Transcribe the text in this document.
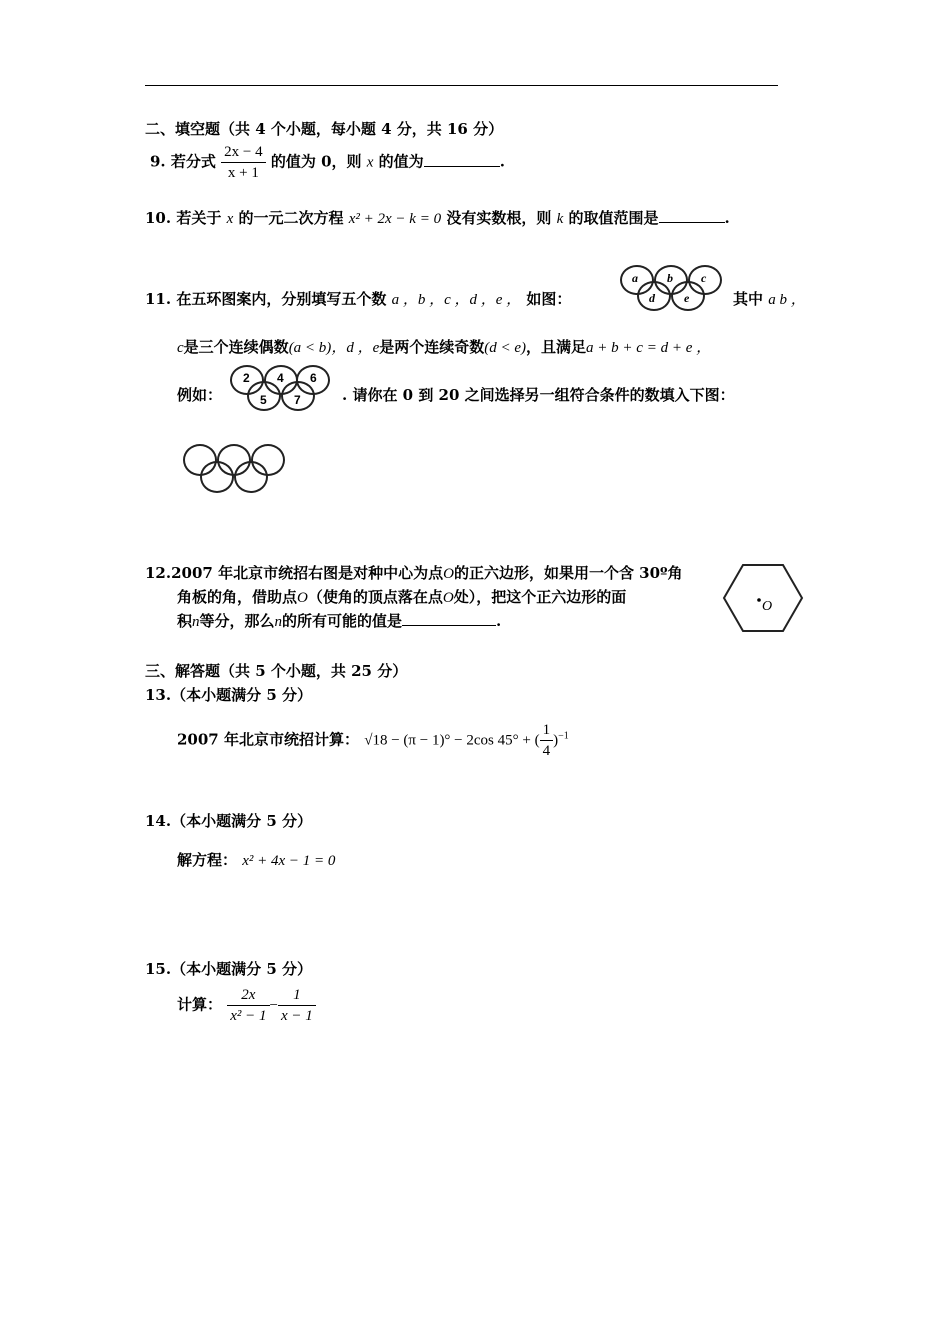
二、填空题（共 4 个小题，每小题 4 分，共 16 分）
9. 若分式 $\frac{2x - 4}{x + 1}$ 的值为 0，则 x 的值为	.
10. 若关于 x 的一元二次方程 x² + 2x − k = 0 没有实数根，则 k 的取值范围是	.
11. 在五环图案内，分别填写五个数 a ，b ，c ，d ，e ， 如图：
a b c
d e	其中 a b ，
c是三个连续偶数(a < b)，d ，e是两个连续奇数(d < e)，且满足a + b + c = d + e ，
例如：
2 4 6
5 7	. 请你在 0 到 20 之间选择另一组符合条件的数填入下图：
12.2007 年北京市统招右图是对种中心为点O的正六边形，如果用一个含 30º角
角板的角，借助点O（使角的顶点落在点O处），把这个正六边形的面
积n等分，那么n的所有可能的值是	.
O
三、解答题（共 5 个小题，共 25 分）
13.（本小题满分 5 分）
2007 年北京市统招计算： √18 − (π − 1)° − 2cos 45° + ( $\frac{1}{4} )^{-1}$
14.（本小题满分 5 分）
解方程： x² + 4x − 1 = 0
15.（本小题满分 5 分）
计算： $\frac{2x}{\text{x² − 1}} - \frac{1}{x - 1}$
